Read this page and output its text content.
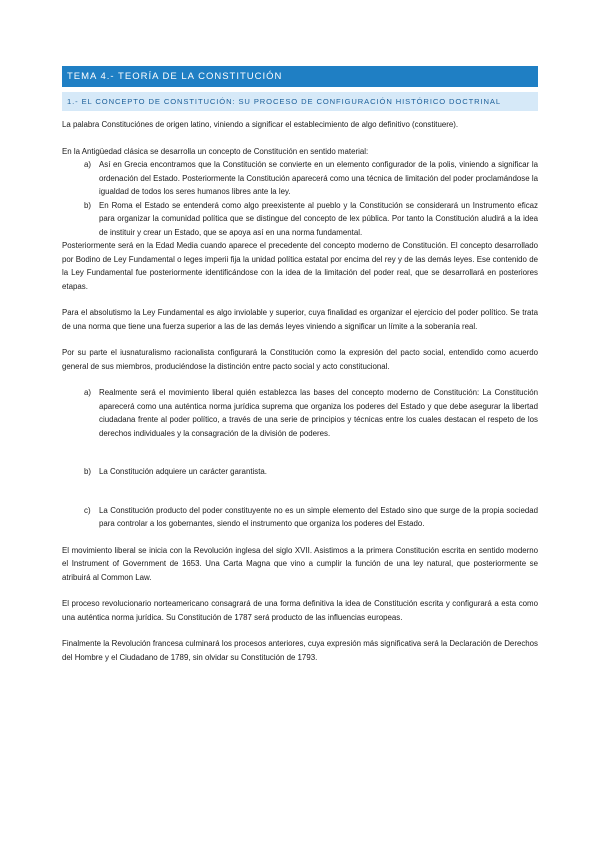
TEMA 4.- TEORÍA DE LA CONSTITUCIÓN
1.- EL CONCEPTO DE CONSTITUCIÓN: SU PROCESO DE CONFIGURACIÓN HISTÓRICO DOCTRINAL

La palabra Constituciónes de origen latino, viniendo a significar el establecimiento de algo definitivo (constituere).

En la Antigüedad clásica se desarrolla un concepto de Constitución en sentido material:

a) Así en Grecia encontramos que la Constitución se convierte en un elemento configurador de la polis, viniendo a significar la ordenación del Estado. Posteriormente la Constitución aparecerá como una técnica de limitación del poder proclamándose la igualdad de todos los seres humanos libres ante la ley.
b) En Roma el Estado se entenderá como algo preexistente al pueblo y la Constitución se considerará un Instrumento eficaz para organizar la comunidad política que se distingue del concepto de lex pública. Por tanto la Constitución aludirá a la idea de instituir y crear un Estado, que se apoya así en una norma fundamental.

Posteriormente será en la Edad Media cuando aparece el precedente del concepto moderno de Constitución. El concepto desarrollado por Bodino de Ley Fundamental o leges imperii fija la unidad política estatal por encima del rey y de las demás leyes. Ese contenido de la Ley Fundamental fue posteriormente identificándose con la idea de la limitación del poder real, que se desarrollará en posteriores etapas.

Para el absolutismo la Ley Fundamental es algo inviolable y superior, cuya finalidad es organizar el ejercicio del poder político. Se trata de una norma que tiene una fuerza superior a las de las demás leyes viniendo a significar un límite a la soberanía real.

Por su parte el iusnaturalismo racionalista configurará la Constitución como la expresión del pacto social, entendido como acuerdo general de sus miembros, produciéndose la distinción entre pacto social y acto constitucional.

a) Realmente será el movimiento liberal quién establezca las bases del concepto moderno de Constitución: La Constitución aparecerá como una auténtica norma jurídica suprema que organiza los poderes del Estado y que debe asegurar la libertad ciudadana frente al poder político, a través de una serie de principios y técnicas entre los cuales destacan el respeto de los derechos individuales y la consagración de la división de poderes.
b) La Constitución adquiere un carácter garantista.
c) La Constitución producto del poder constituyente no es un simple elemento del Estado sino que surge de la propia sociedad para controlar a los gobernantes, siendo el instrumento que organiza los poderes del Estado.

El movimiento liberal se inicia con la Revolución inglesa del siglo XVII. Asistimos a la primera Constitución escrita en sentido moderno el Instrument of Government de 1653. Una Carta Magna que vino a cumplir la función de una ley natural, que posteriormente se atribuirá al Common Law.

El proceso revolucionario norteamericano consagrará de una forma definitiva la idea de Constitución escrita y configurará a esta como una auténtica norma jurídica. Su Constitución de 1787 será producto de las influencias europeas.

Finalmente la Revolución francesa culminará los procesos anteriores, cuya expresión más significativa será la Declaración de Derechos del Hombre y el Ciudadano de 1789, sin olvidar su Constitución de 1793.
